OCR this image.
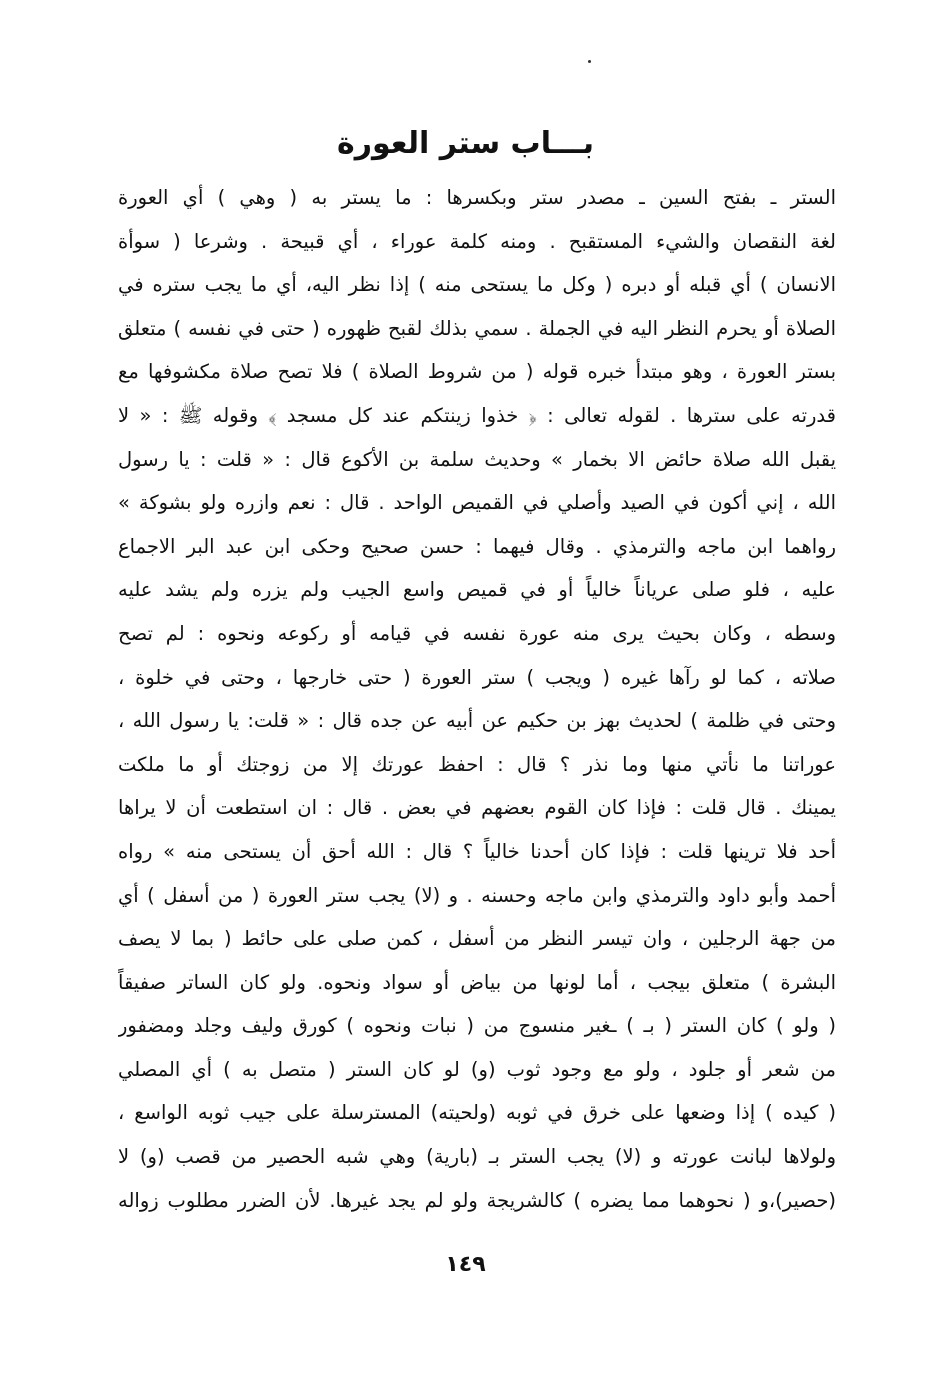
بـــاب ستر العورة
الستر ـ بفتح السين ـ مصدر ستر وبكسرها : ما يستر به ( وهي ) أي العورة
لغة النقصان والشيء المستقبح . ومنه كلمة عوراء ، أي قبيحة . وشرعا ( سوأة
الانسان ) أي قبله أو دبره ( وكل ما يستحى منه ) إذا نظر اليه، أي ما يجب ستره في
الصلاة أو يحرم النظر اليه في الجملة . سمي بذلك لقبح ظهوره ( حتى في نفسه ) متعلق
بستر العورة ، وهو مبتدأ خبره قوله ( من شروط الصلاة ) فلا تصح صلاة مكشوفها مع
قدرته على سترها . لقوله تعالى : ﴿ خذوا زينتكم عند كل مسجد ﴾ وقوله ﷺ : « لا
يقبل الله صلاة حائض الا بخمار » وحديث سلمة بن الأكوع قال : « قلت : يا رسول
الله ، إني أكون في الصيد وأصلي في القميص الواحد . قال : نعم وازره ولو بشوكة »
رواهما ابن ماجه والترمذي . وقال فيهما : حسن صحيح وحكى ابن عبد البر الاجماع
عليه ، فلو صلى عرياناً خالياً أو في قميص واسع الجيب ولم يزره ولم يشد عليه
وسطه ، وكان بحيث يرى منه عورة نفسه في قيامه أو ركوعه ونحوه : لم تصح
صلاته ، كما لو رآها غيره ( ويجب ) ستر العورة ( حتى خارجها ، وحتى في خلوة ،
وحتى في ظلمة ) لحديث بهز بن حكيم عن أبيه عن جده قال : « قلت: يا رسول الله ،
عوراتنا ما نأتي منها وما نذر ؟ قال : احفظ عورتك إلا من زوجتك أو ما ملكت
يمينك . قال قلت : فإذا كان القوم بعضهم في بعض . قال : ان استطعت أن لا يراها
أحد فلا ترينها قلت : فإذا كان أحدنا خالياً ؟ قال : الله أحق أن يستحى منه » رواه
أحمد وأبو داود والترمذي وابن ماجه وحسنه . و (لا) يجب ستر العورة ( من أسفل ) أي
من جهة الرجلين ، وان تيسر النظر من أسفل ، كمن صلى على حائط ( بما لا يصف
البشرة ) متعلق بيجب ، أما لونها من بياض أو سواد ونحوه. ولو كان الساتر صفيقاً
( ولو ) كان الستر ( بـ ) ـغير منسوج من ( نبات ونحوه ) كورق وليف وجلد ومضفور
من شعر أو جلود ، ولو مع وجود ثوب (و) لو كان الستر ( متصل به ) أي المصلي
( كيده ) إذا وضعها على خرق في ثوبه (ولحيته) المسترسلة على جيب ثوبه الواسع ،
ولولاها لبانت عورته و (لا) يجب الستر بـ (بارية) وهي شبه الحصير من قصب (و) لا
(حصير)،و ( نحوهما مما يضره ) كالشريجة ولو لم يجد غيرها. لأن الضرر مطلوب زواله
١٤٩
